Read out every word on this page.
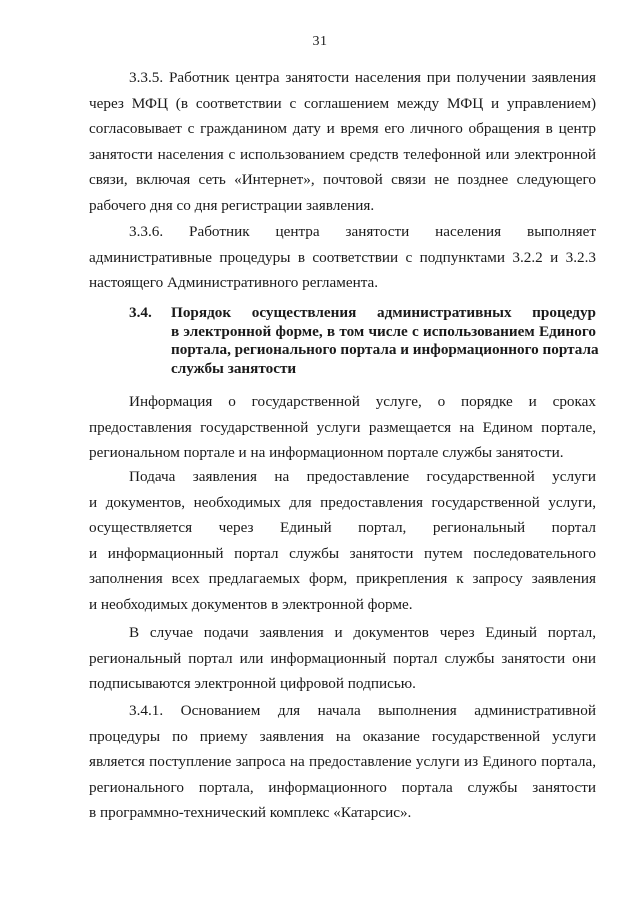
31
3.3.5. Работник центра занятости населения при получении заявления
через МФЦ (в соответствии с соглашением между МФЦ и управлением)
согласовывает с гражданином дату и время его личного обращения в центр
занятости населения с использованием средств телефонной или электронной
связи, включая сеть «Интернет», почтовой связи не позднее следующего
рабочего дня со дня регистрации заявления.
3.3.6. Работник центра занятости населения выполняет
административные процедуры в соответствии с подпунктами 3.2.2 и 3.2.3
настоящего Административного регламента.
3.4. Порядок осуществления административных процедур
в электронной форме, в том числе с использованием Единого
портала, регионального портала и информационного портала
службы занятости
Информация о государственной услуге, о порядке и сроках
предоставления государственной услуги размещается на Едином портале,
региональном портале и на информационном портале службы занятости.
Подача заявления на предоставление государственной услуги
и документов, необходимых для предоставления государственной услуги,
осуществляется через Единый портал, региональный портал
и информационный портал службы занятости путем последовательного
заполнения всех предлагаемых форм, прикрепления к запросу заявления
и необходимых документов в электронной форме.
В случае подачи заявления и документов через Единый портал,
региональный портал или информационный портал службы занятости они
подписываются электронной цифровой подписью.
3.4.1. Основанием для начала выполнения административной
процедуры по приему заявления на оказание государственной услуги
является поступление запроса на предоставление услуги из Единого портала,
регионального портала, информационного портала службы занятости
в программно-технический комплекс «Катарсис».
